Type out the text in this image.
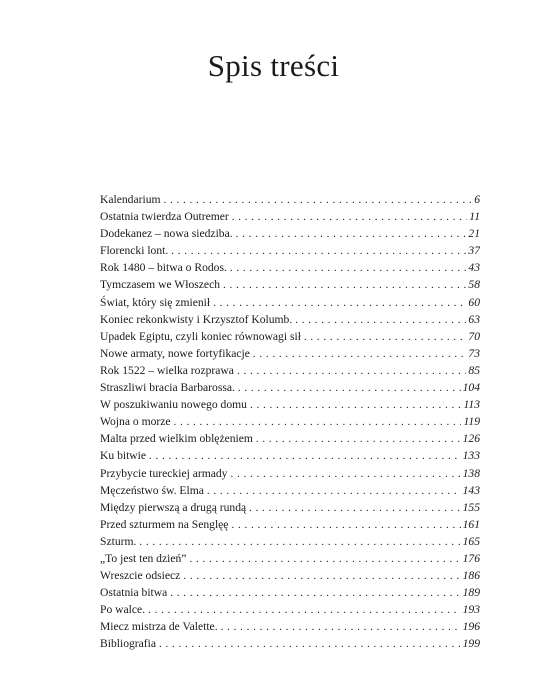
Spis treści
Kalendarium . . .	6
Ostatnia twierdza Outremer . . .	11
Dodekanez – nowa siedziba. . . .	21
Florencki lont. . . .	37
Rok 1480 – bitwa o Rodos. . . .	43
Tymczasem we Włoszech . . .	58
Świat, który się zmienił . . .	60
Koniec rekonkwisty i Krzysztof Kolumb. . . .	63
Upadek Egiptu, czyli koniec równowagi sił . . .	70
Nowe armaty, nowe fortyfikacje . . .	73
Rok 1522 – wielka rozprawa . . .	85
Straszliwi bracia Barbarossa. . . .	104
W poszukiwaniu nowego domu . . .	113
Wojna o morze . . .	119
Malta przed wielkim oblężeniem . . .	126
Ku bitwie . . .	133
Przybycie tureckiej armady . . .	138
Męczeństwo św. Elma . . .	143
Między pierwszą a drugą rundą . . .	155
Przed szturmem na Senglęę . . .	161
Szturm. . . .	165
„To jest ten dzień” . . .	176
Wreszcie odsiecz . . .	186
Ostatnia bitwa . . .	189
Po walce. . . .	193
Miecz mistrza de Valette. . . .	196
Bibliografia . . .	199
